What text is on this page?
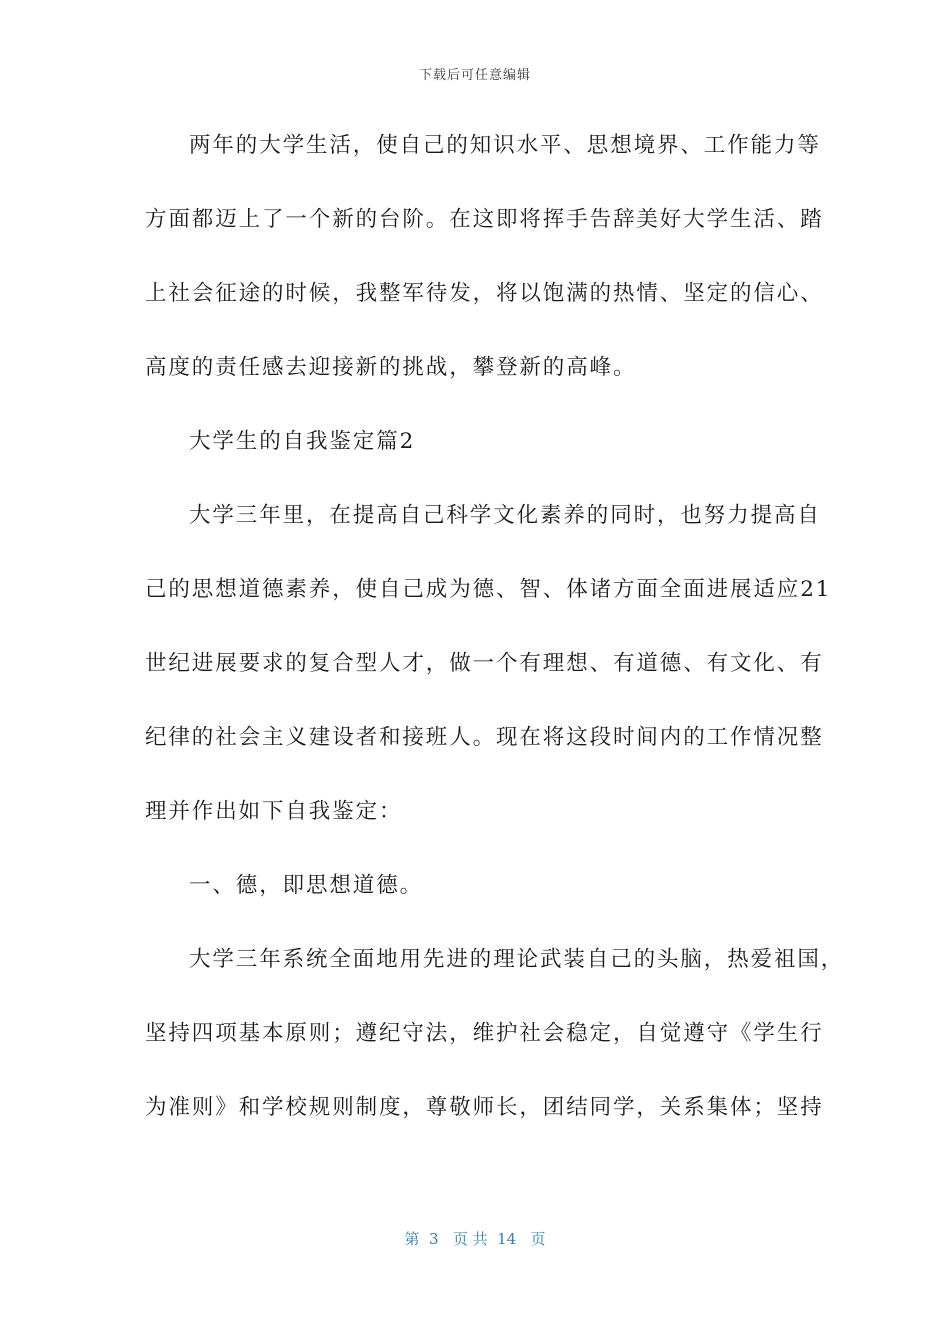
下载后可任意编辑
两年的大学生活，使自己的知识水平、思想境界、工作能力等
方面都迈上了一个新的台阶。在这即将挥手告辞美好大学生活、踏
上社会征途的时候，我整军待发，将以饱满的热情、坚定的信心、
高度的责任感去迎接新的挑战，攀登新的高峰。
大学生的自我鉴定篇2
大学三年里，在提高自己科学文化素养的同时，也努力提高自
己的思想道德素养，使自己成为德、智、体诸方面全面进展适应21
世纪进展要求的复合型人才，做一个有理想、有道德、有文化、有
纪律的社会主义建设者和接班人。现在将这段时间内的工作情况整
理并作出如下自我鉴定：
一、德，即思想道德。
大学三年系统全面地用先进的理论武装自己的头脑，热爱祖国，
坚持四项基本原则；遵纪守法，维护社会稳定，自觉遵守《学生行
为准则》和学校规则制度，尊敬师长，团结同学，关系集体；坚持
第  3   页 共  14   页
